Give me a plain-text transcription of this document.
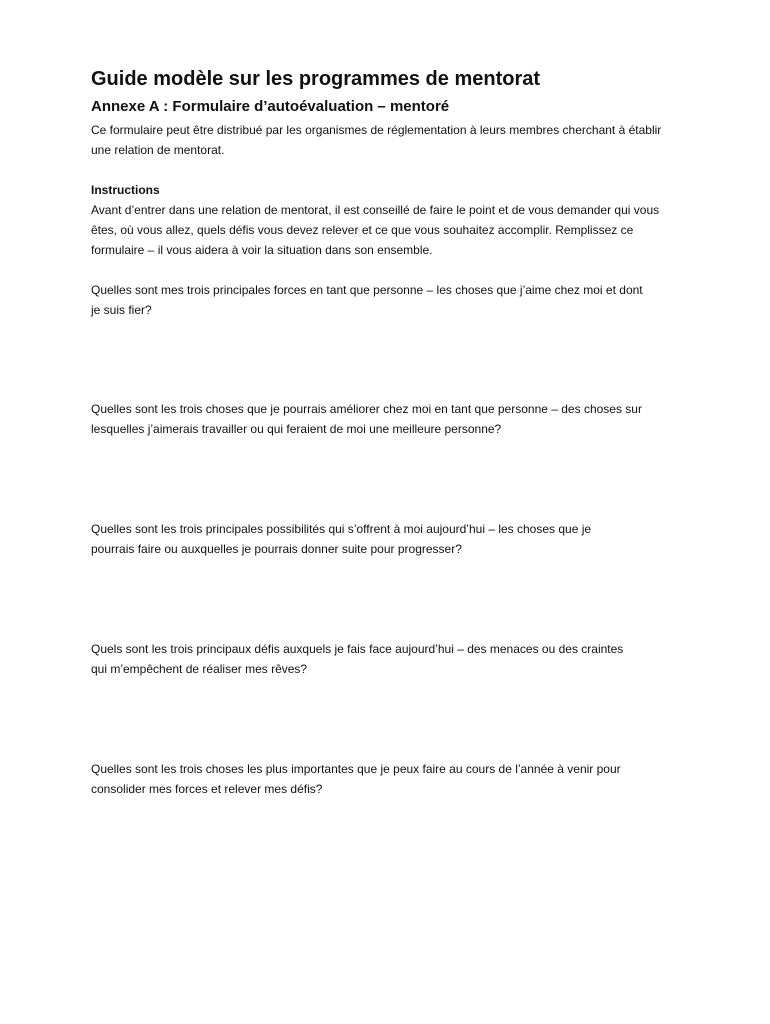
Guide modèle sur les programmes de mentorat
Annexe A : Formulaire d’autoévaluation – mentoré
Ce formulaire peut être distribué par les organismes de réglementation à leurs membres cherchant à établir
une relation de mentorat.
Instructions
Avant d’entrer dans une relation de mentorat, il est conseillé de faire le point et de vous demander qui vous
êtes, où vous allez, quels défis vous devez relever et ce que vous souhaitez accomplir. Remplissez ce
formulaire – il vous aidera à voir la situation dans son ensemble.
Quelles sont mes trois principales forces en tant que personne – les choses que j’aime chez moi et dont
je suis fier?
Quelles sont les trois choses que je pourrais améliorer chez moi en tant que personne – des choses sur
lesquelles j’aimerais travailler ou qui feraient de moi une meilleure personne?
Quelles sont les trois principales possibilités qui s’offrent à moi aujourd’hui – les choses que je
pourrais faire ou auxquelles je pourrais donner suite pour progresser?
Quels sont les trois principaux défis auxquels je fais face aujourd’hui – des menaces ou des craintes
qui m’empêchent de réaliser mes rêves?
Quelles sont les trois choses les plus importantes que je peux faire au cours de l’année à venir pour
consolider mes forces et relever mes défis?
